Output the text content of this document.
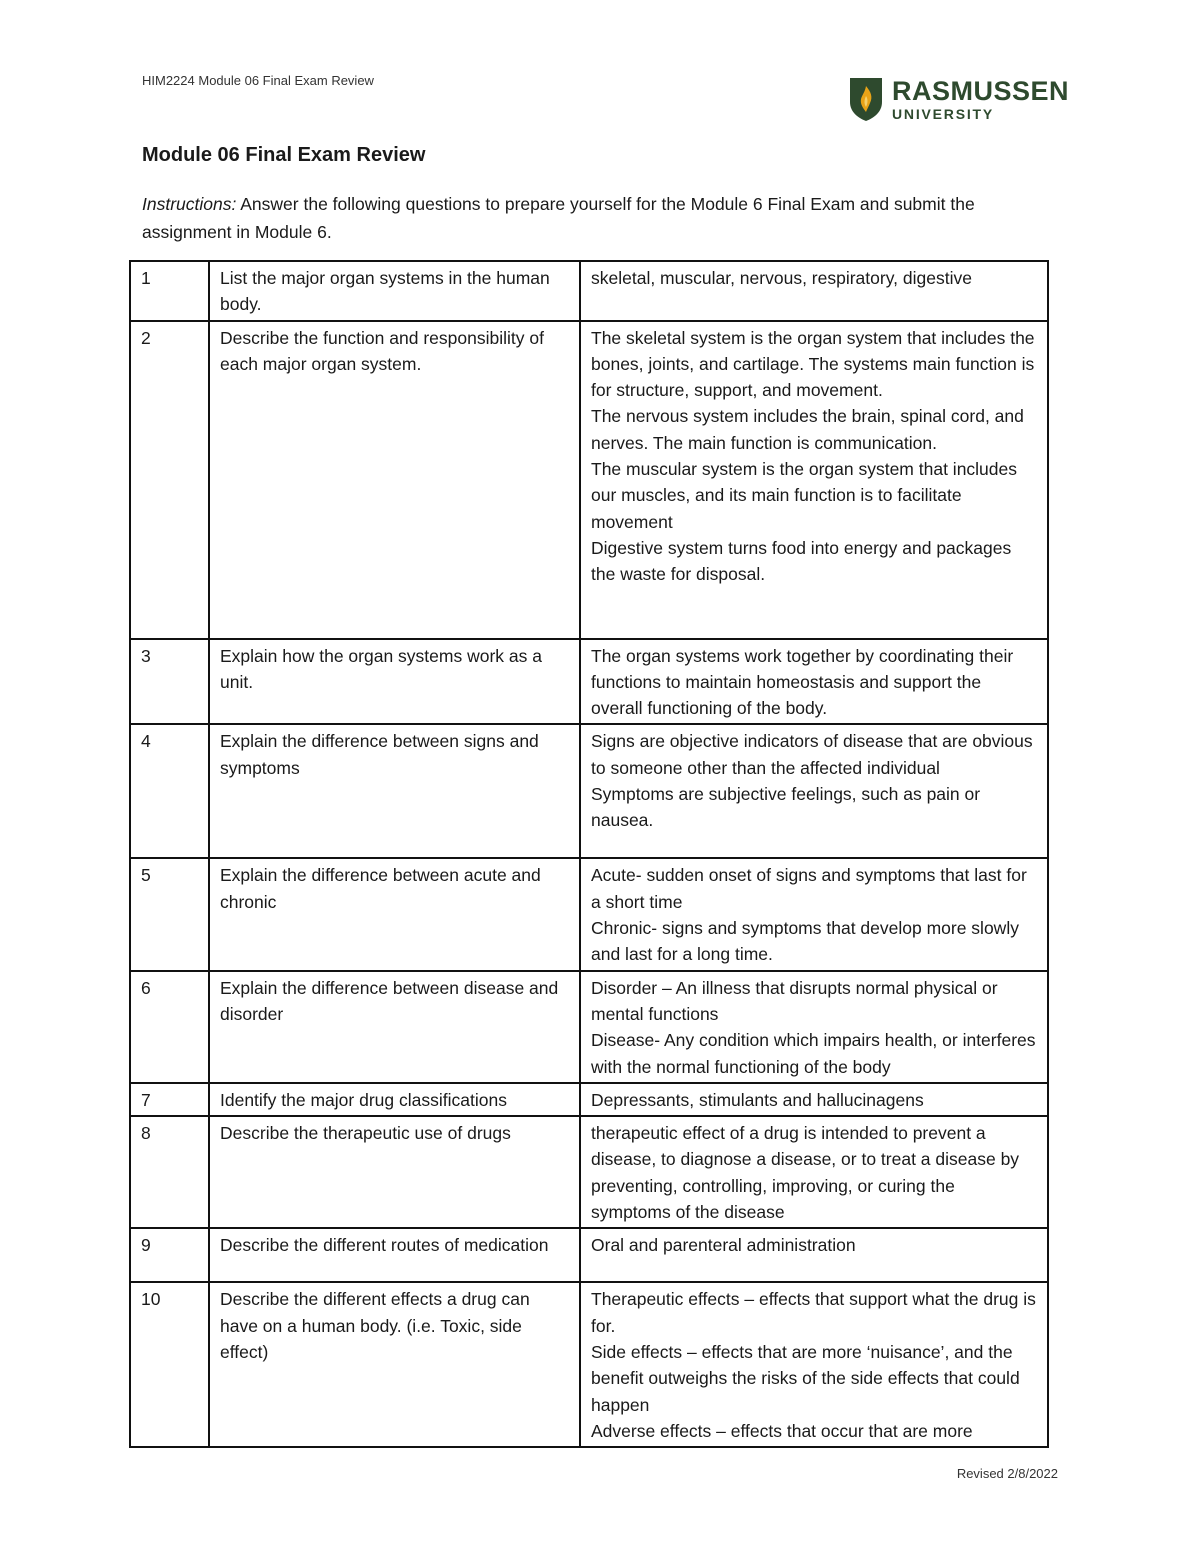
HIM2224 Module 06 Final Exam Review	RASMUSSEN
UNIVERSITY
Module 06 Final Exam Review

Instructions: Answer the following questions to prepare yourself for the Module 6 Final Exam and submit the assignment in Module 6.

1	List the major organ systems in the human body.	skeletal, muscular, nervous, respiratory, digestive

2	Describe the function and responsibility of each major organ system.	The skeletal system is the organ system that includes the bones, joints, and cartilage. The systems main function is for structure, support, and movement.
The nervous system includes the brain, spinal cord, and nerves. The main function is communication.
The muscular system is the organ system that includes our muscles, and its main function is to facilitate movement
Digestive system turns food into energy and packages the waste for disposal.

3	Explain how the organ systems work as a unit.	The organ systems work together by coordinating their functions to maintain homeostasis and support the overall functioning of the body.

4	Explain the difference between signs and symptoms	Signs are objective indicators of disease that are obvious to someone other than the affected individual
Symptoms are subjective feelings, such as pain or nausea.

5	Explain the difference between acute and chronic	Acute- sudden onset of signs and symptoms that last for a short time
Chronic- signs and symptoms that develop more slowly and last for a long time.

6	Explain the difference between disease and disorder	Disorder – An illness that disrupts normal physical or mental functions
Disease- Any condition which impairs health, or interferes with the normal functioning of the body

7	Identify the major drug classifications	Depressants, stimulants and hallucinagens

8	Describe the therapeutic use of drugs	therapeutic effect of a drug is intended to prevent a disease, to diagnose a disease, or to treat a disease by preventing, controlling, improving, or curing the symptoms of the disease

9	Describe the different routes of medication	Oral and parenteral administration

10	Describe the different effects a drug can have on a human body. (i.e. Toxic, side effect)	Therapeutic effects – effects that support what the drug is for.
Side effects – effects that are more ‘nuisance’, and the benefit outweighs the risks of the side effects that could happen
Adverse effects – effects that occur that are more
Revised 2/8/2022
